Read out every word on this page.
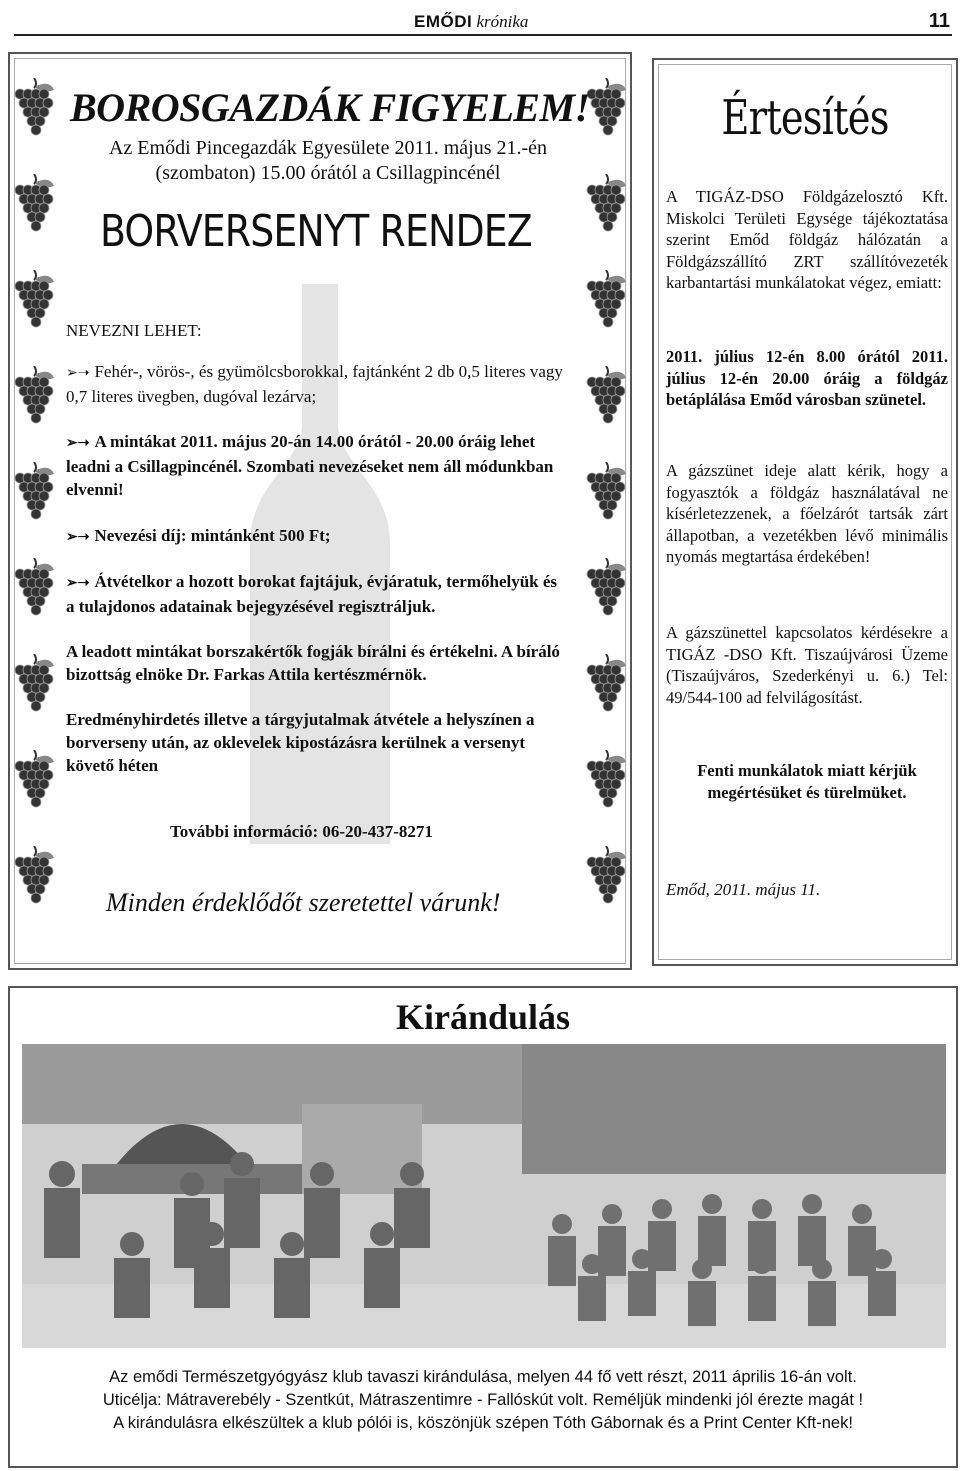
EMŐDI krónika	11
BOROSGAZDÁK FIGYELEM!
Az Emődi Pincegazdák Egyesülete 2011. május 21.-én
(szombaton) 15.00 órától a Csillagpincénél
BORVERSENYT RENDEZ
NEVEZNI LEHET:
➢➝ Fehér-, vörös-, és gyümölcsborokkal, fajtánként 2 db 0,5 literes vagy 0,7 literes üvegben, dugóval lezárva;
➢➝ A mintákat 2011. május 20-án 14.00 órától - 20.00 óráig lehet leadni a Csillagpincénél. Szombati nevezéseket nem áll módunkban elvenni!
➢➝ Nevezési díj: mintánként 500 Ft;
➢➝ Átvételkor a hozott borokat fajtájuk, évjáratuk, termőhelyük és a tulajdonos adatainak bejegyzésével regisztráljuk.
A leadott mintákat borszakértők fogják bírálni és értékelni. A bíráló bizottság elnöke Dr. Farkas Attila kertészmérnök.
Eredményhirdetés illetve a tárgyjutalmak átvétele a helyszínen a borverseny után, az oklevelek kipostázásra kerülnek a versenyt követő héten
További információ: 06-20-437-8271
Minden érdeklődőt szeretettel várunk!
Értesítés
A TIGÁZ-DSO Földgázelosztó Kft. Miskolci Területi Egysége tájékoztatása szerint Emőd földgáz hálózatán a Földgázszállító ZRT szállítóvezeték karbantartási munkálatokat végez, emiatt:
2011. július 12-én 8.00 órától 2011. július 12-én 20.00 óráig a földgáz betáplálása Emőd városban szünetel.
A gázszünet ideje alatt kérik, hogy a fogyasztók a földgáz használatával ne kísérletezzenek, a főelzárót tartsák zárt állapotban, a vezetékben lévő minimális nyomás megtartása érdekében!
A gázszünettel kapcsolatos kérdésekre a TIGÁZ -DSO Kft. Tiszaújvárosi Üzeme (Tiszaújváros, Szederkényi u. 6.) Tel: 49/544-100 ad felvilágosítást.
Fenti munkálatok miatt kérjük megértésüket és türelmüket.
Emőd, 2011. május 11.
Kirándulás
Az emődi Természetgyógyász klub tavaszi kirándulása, melyen 44 fő vett részt, 2011 április 16-án volt.
Uticélja: Mátraverebély - Szentkút, Mátraszentimre - Fallóskút volt. Reméljük mindenki jól érezte magát !
A kirándulásra elkészültek a klub pólói is, köszönjük szépen Tóth Gábornak és a Print Center Kft-nek!
